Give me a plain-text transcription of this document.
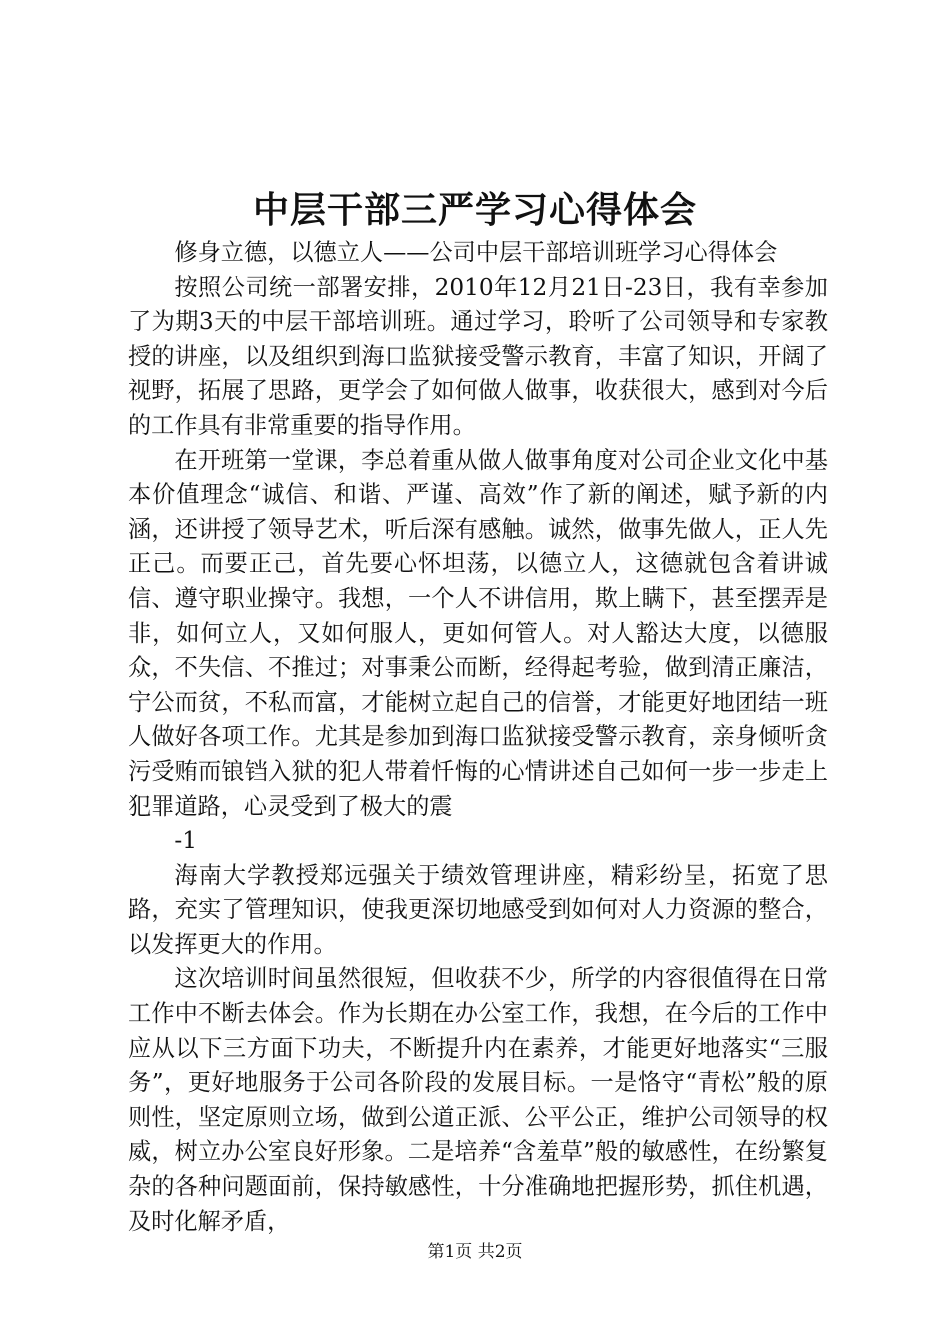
中层干部三严学习心得体会

修身立德，以德立人——公司中层干部培训班学习心得体会

按照公司统一部署安排，2010年12月21日-23日，我有幸参加了为期3天的中层干部培训班。通过学习，聆听了公司领导和专家教授的讲座，以及组织到海口监狱接受警示教育，丰富了知识，开阔了视野，拓展了思路，更学会了如何做人做事，收获很大，感到对今后的工作具有非常重要的指导作用。

在开班第一堂课，李总着重从做人做事角度对公司企业文化中基本价值理念“诚信、和谐、严谨、高效”作了新的阐述，赋予新的内涵，还讲授了领导艺术，听后深有感触。诚然，做事先做人，正人先正己。而要正己，首先要心怀坦荡，以德立人，这德就包含着讲诚信、遵守职业操守。我想，一个人不讲信用，欺上瞒下，甚至摆弄是非，如何立人，又如何服人，更如何管人。对人豁达大度，以德服众，不失信、不推过；对事秉公而断，经得起考验，做到清正廉洁，宁公而贫，不私而富，才能树立起自己的信誉，才能更好地团结一班人做好各项工作。尤其是参加到海口监狱接受警示教育，亲身倾听贪污受贿而锒铛入狱的犯人带着忏悔的心情讲述自己如何一步一步走上犯罪道路，心灵受到了极大的震

-1

海南大学教授郑远强关于绩效管理讲座，精彩纷呈，拓宽了思路，充实了管理知识，使我更深切地感受到如何对人力资源的整合，以发挥更大的作用。

这次培训时间虽然很短，但收获不少，所学的内容很值得在日常工作中不断去体会。作为长期在办公室工作，我想，在今后的工作中应从以下三方面下功夫，不断提升内在素养，才能更好地落实“三服务”，更好地服务于公司各阶段的发展目标。一是恪守“青松”般的原则性，坚定原则立场，做到公道正派、公平公正，维护公司领导的权威，树立办公室良好形象。二是培养“含羞草”般的敏感性，在纷繁复杂的各种问题面前，保持敏感性，十分准确地把握形势，抓住机遇，及时化解矛盾，

第1页 共2页
